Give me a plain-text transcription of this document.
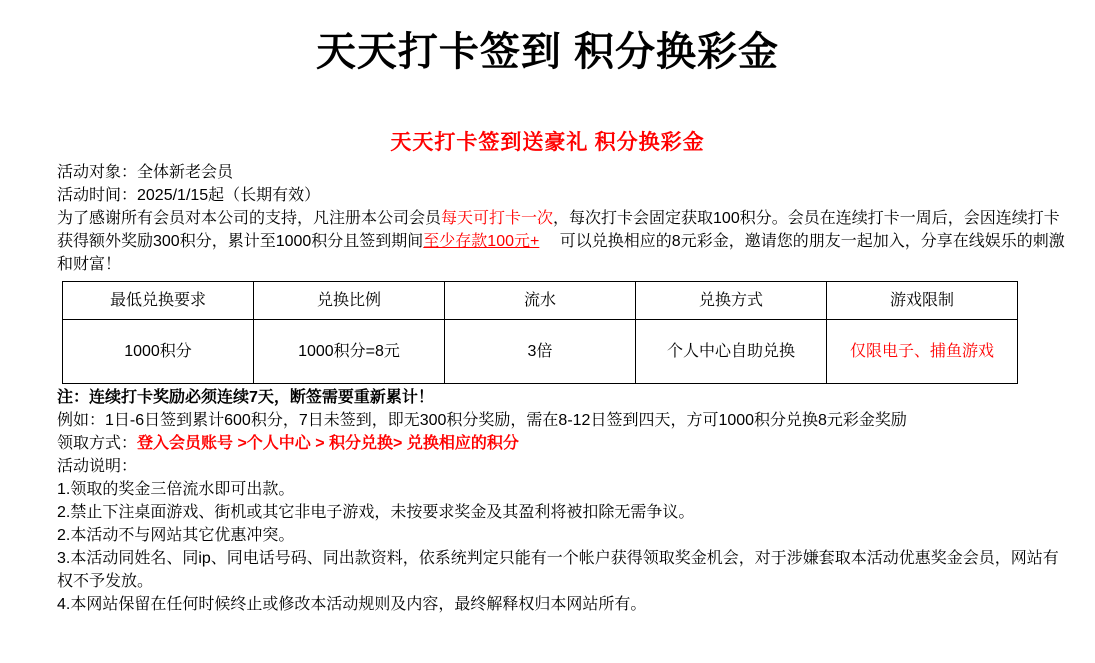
天天打卡签到 积分换彩金
天天打卡签到送豪礼 积分换彩金
活动对象：全体新老会员
活动时间：2025/1/15起（长期有效）
为了感谢所有会员对本公司的支持，凡注册本公司会员每天可打卡一次，每次打卡会固定获取100积分。会员在连续打卡一周后，会因连续打卡获得额外奖励300积分，累计至1000积分且签到期间至少存款100元+　 可以兑换相应的8元彩金，邀请您的朋友一起加入，分享在线娱乐的刺激和财富！
最低兑换要求	兑换比例	流水	兑换方式	游戏限制
1000积分	1000积分=8元	3倍	个人中心自助兑换	仅限电子、捕鱼游戏
注：连续打卡奖励必须连续7天，断签需要重新累计！
例如：1日-6日签到累计600积分，7日未签到，即无300积分奖励，需在8-12日签到四天，方可1000积分兑换8元彩金奖励
领取方式：登入会员账号 >个人中心 > 积分兑换> 兑换相应的积分
活动说明：
1.领取的奖金三倍流水即可出款。
2.禁止下注桌面游戏、街机或其它非电子游戏，未按要求奖金及其盈利将被扣除无需争议。
2.本活动不与网站其它优惠冲突。
3.本活动同姓名、同ip、同电话号码、同出款资料，依系统判定只能有一个帐户获得领取奖金机会，对于涉嫌套取本活动优惠奖金会员，网站有权不予发放。
4.本网站保留在任何时候终止或修改本活动规则及内容，最终解释权归本网站所有。
